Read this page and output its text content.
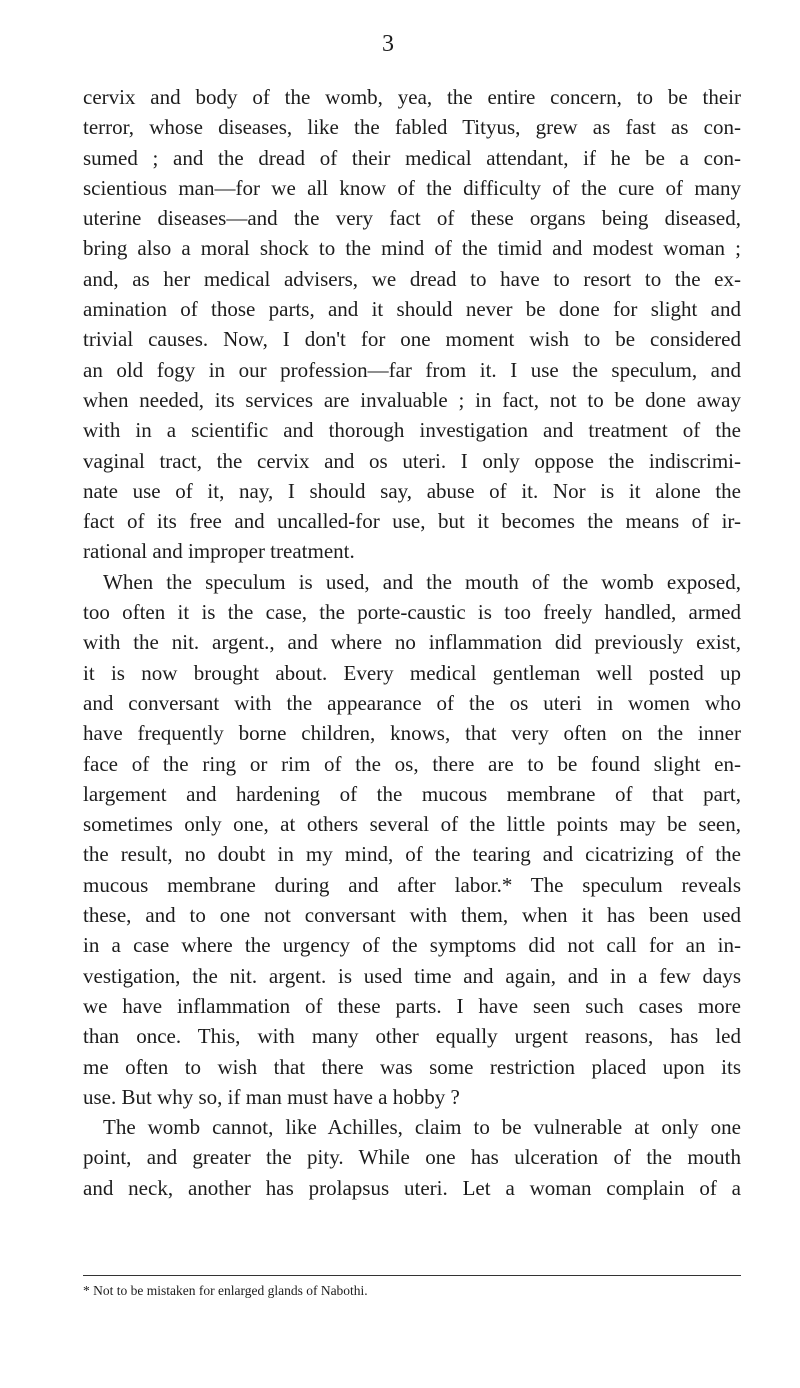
3
cervix and body of the womb, yea, the entire concern, to be their
terror, whose diseases, like the fabled Tityus, grew as fast as con-
sumed ; and the dread of their medical attendant, if he be a con-
scientious man—for we all know of the difficulty of the cure of many
uterine diseases—and the very fact of these organs being diseased,
bring also a moral shock to the mind of the timid and modest woman ;
and, as her medical advisers, we dread to have to resort to the ex-
amination of those parts, and it should never be done for slight and
trivial causes. Now, I don't for one moment wish to be considered
an old fogy in our profession—far from it. I use the speculum, and
when needed, its services are invaluable ; in fact, not to be done away
with in a scientific and thorough investigation and treatment of the
vaginal tract, the cervix and os uteri. I only oppose the indiscrimi-
nate use of it, nay, I should say, abuse of it. Nor is it alone the
fact of its free and uncalled-for use, but it becomes the means of ir-
rational and improper treatment.
When the speculum is used, and the mouth of the womb exposed,
too often it is the case, the porte-caustic is too freely handled, armed
with the nit. argent., and where no inflammation did previously exist,
it is now brought about. Every medical gentleman well posted up
and conversant with the appearance of the os uteri in women who
have frequently borne children, knows, that very often on the inner
face of the ring or rim of the os, there are to be found slight en-
largement and hardening of the mucous membrane of that part,
sometimes only one, at others several of the little points may be seen,
the result, no doubt in my mind, of the tearing and cicatrizing of the
mucous membrane during and after labor.* The speculum reveals
these, and to one not conversant with them, when it has been used
in a case where the urgency of the symptoms did not call for an in-
vestigation, the nit. argent. is used time and again, and in a few days
we have inflammation of these parts. I have seen such cases more
than once. This, with many other equally urgent reasons, has led
me often to wish that there was some restriction placed upon its
use. But why so, if man must have a hobby ?
The womb cannot, like Achilles, claim to be vulnerable at only one
point, and greater the pity. While one has ulceration of the mouth
and neck, another has prolapsus uteri. Let a woman complain of a
* Not to be mistaken for enlarged glands of Nabothi.
